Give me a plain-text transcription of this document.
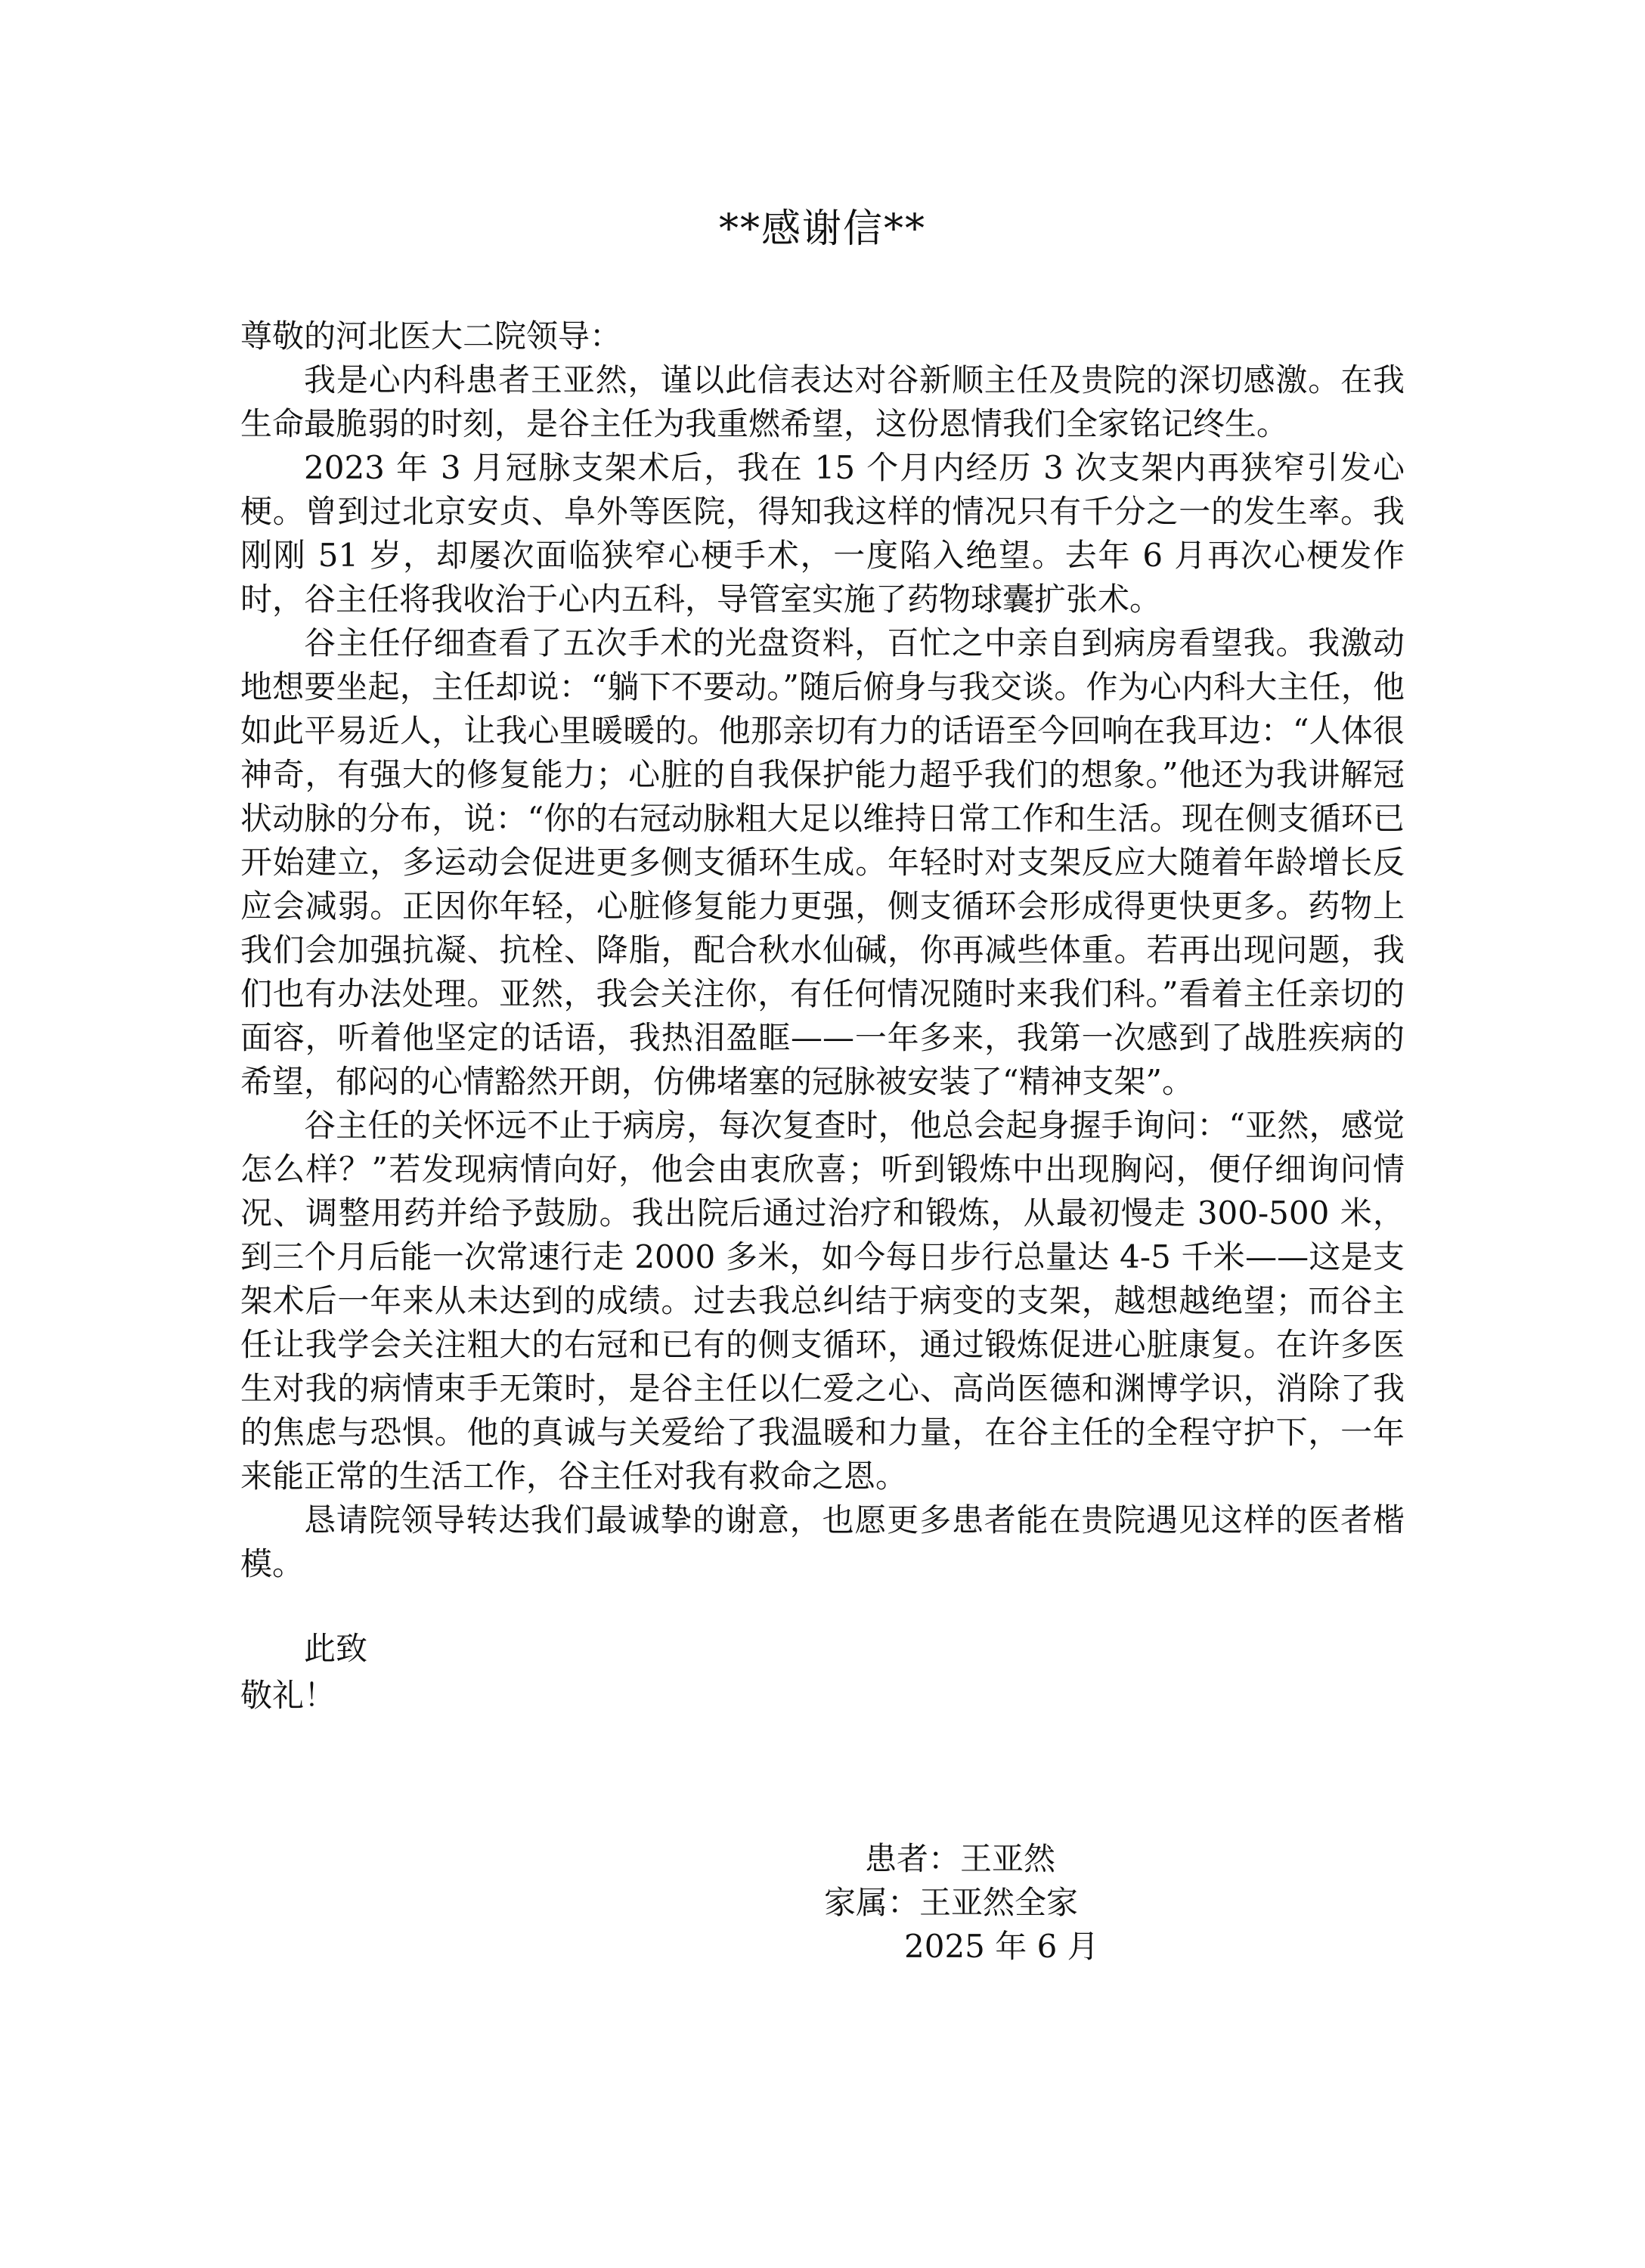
**感谢信**

尊敬的河北医大二院领导：

我是心内科患者王亚然，谨以此信表达对谷新顺主任及贵院的深切感激。在我生命最脆弱的时刻，是谷主任为我重燃希望，这份恩情我们全家铭记终生。

2023 年 3 月冠脉支架术后，我在 15 个月内经历 3 次支架内再狭窄引发心梗。曾到过北京安贞、阜外等医院，得知我这样的情况只有千分之一的发生率。我刚刚 51 岁，却屡次面临狭窄心梗手术，一度陷入绝望。去年 6 月再次心梗发作时，谷主任将我收治于心内五科，导管室实施了药物球囊扩张术。

谷主任仔细查看了五次手术的光盘资料，百忙之中亲自到病房看望我。我激动地想要坐起，主任却说：“躺下不要动。”随后俯身与我交谈。作为心内科大主任，他如此平易近人，让我心里暖暖的。他那亲切有力的话语至今回响在我耳边：“人体很神奇，有强大的修复能力；心脏的自我保护能力超乎我们的想象。”他还为我讲解冠状动脉的分布，说：“你的右冠动脉粗大足以维持日常工作和生活。现在侧支循环已开始建立，多运动会促进更多侧支循环生成。年轻时对支架反应大随着年龄增长反应会减弱。正因你年轻，心脏修复能力更强，侧支循环会形成得更快更多。药物上我们会加强抗凝、抗栓、降脂，配合秋水仙碱，你再减些体重。若再出现问题，我们也有办法处理。亚然，我会关注你，有任何情况随时来我们科。”看着主任亲切的面容，听着他坚定的话语，我热泪盈眶——一年多来，我第一次感到了战胜疾病的希望，郁闷的心情豁然开朗，仿佛堵塞的冠脉被安装了“精神支架”。

谷主任的关怀远不止于病房，每次复查时，他总会起身握手询问：“亚然，感觉怎么样？”若发现病情向好，他会由衷欣喜；听到锻炼中出现胸闷，便仔细询问情况、调整用药并给予鼓励。我出院后通过治疗和锻炼，从最初慢走 300-500 米，到三个月后能一次常速行走 2000 多米，如今每日步行总量达 4-5 千米——这是支架术后一年来从未达到的成绩。过去我总纠结于病变的支架，越想越绝望；而谷主任让我学会关注粗大的右冠和已有的侧支循环，通过锻炼促进心脏康复。在许多医生对我的病情束手无策时，是谷主任以仁爱之心、高尚医德和渊博学识，消除了我的焦虑与恐惧。他的真诚与关爱给了我温暖和力量，在谷主任的全程守护下，一年来能正常的生活工作，谷主任对我有救命之恩。

恳请院领导转达我们最诚挚的谢意，也愿更多患者能在贵院遇见这样的医者楷模。

此致

敬礼！

患者：王亚然

家属：王亚然全家

2025 年 6 月
